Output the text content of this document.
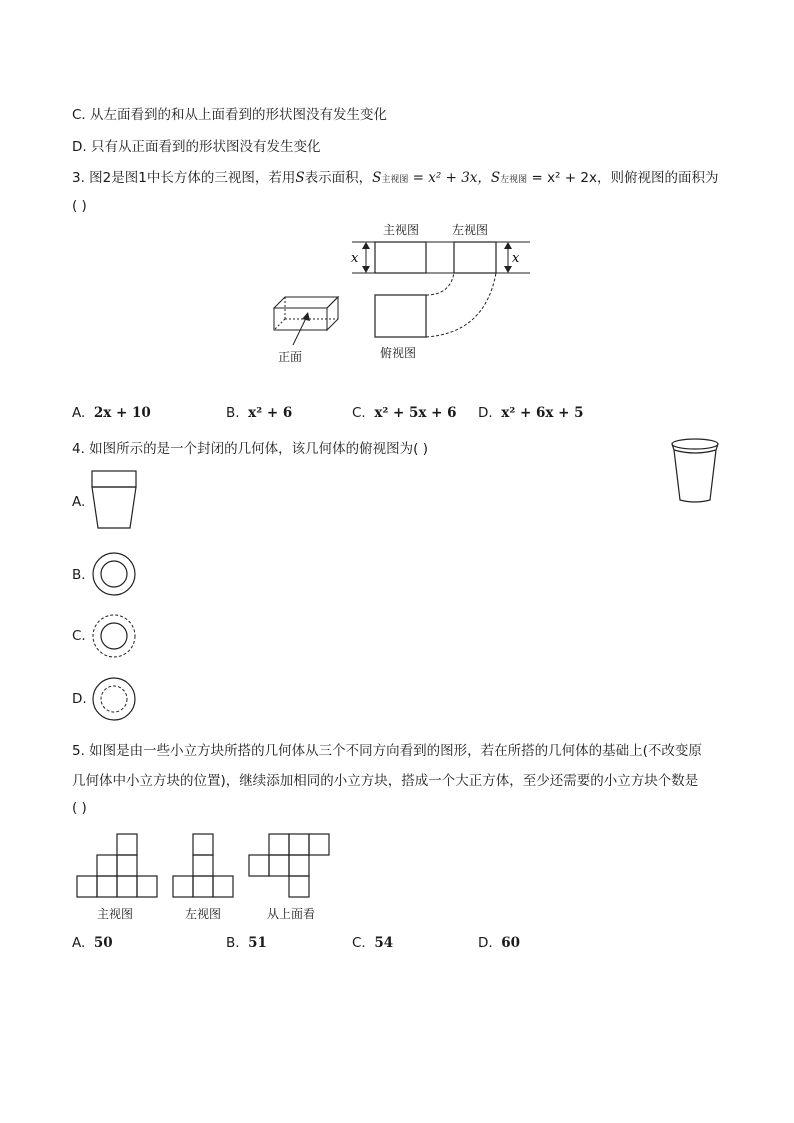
C. 从左面看到的和从上面看到的形状图没有发生变化
D. 只有从正面看到的形状图没有发生变化
3. 图2是图1中长方体的三视图，若用S表示面积，S主视图 = x² + 3x，S左视图 = x² + 2x，则俯视图的面积为
( )
主视图	左视图
x	x
俯视图
正面
A. 2x + 10	B. x² + 6	C. x² + 5x + 6 D. x² + 6x + 5
4. 如图所示的是一个封闭的几何体，该几何体的俯视图为( )
A.
B.
C.
D.
5. 如图是由一些小立方块所搭的几何体从三个不同方向看到的图形，若在所搭的几何体的基础上(不改变原
几何体中小立方块的位置)，继续添加相同的小立方块，搭成一个大正方体，至少还需要的小立方块个数是
( )
主视图	左视图	从上面看
A. 50	B. 51	C. 54	D. 60
